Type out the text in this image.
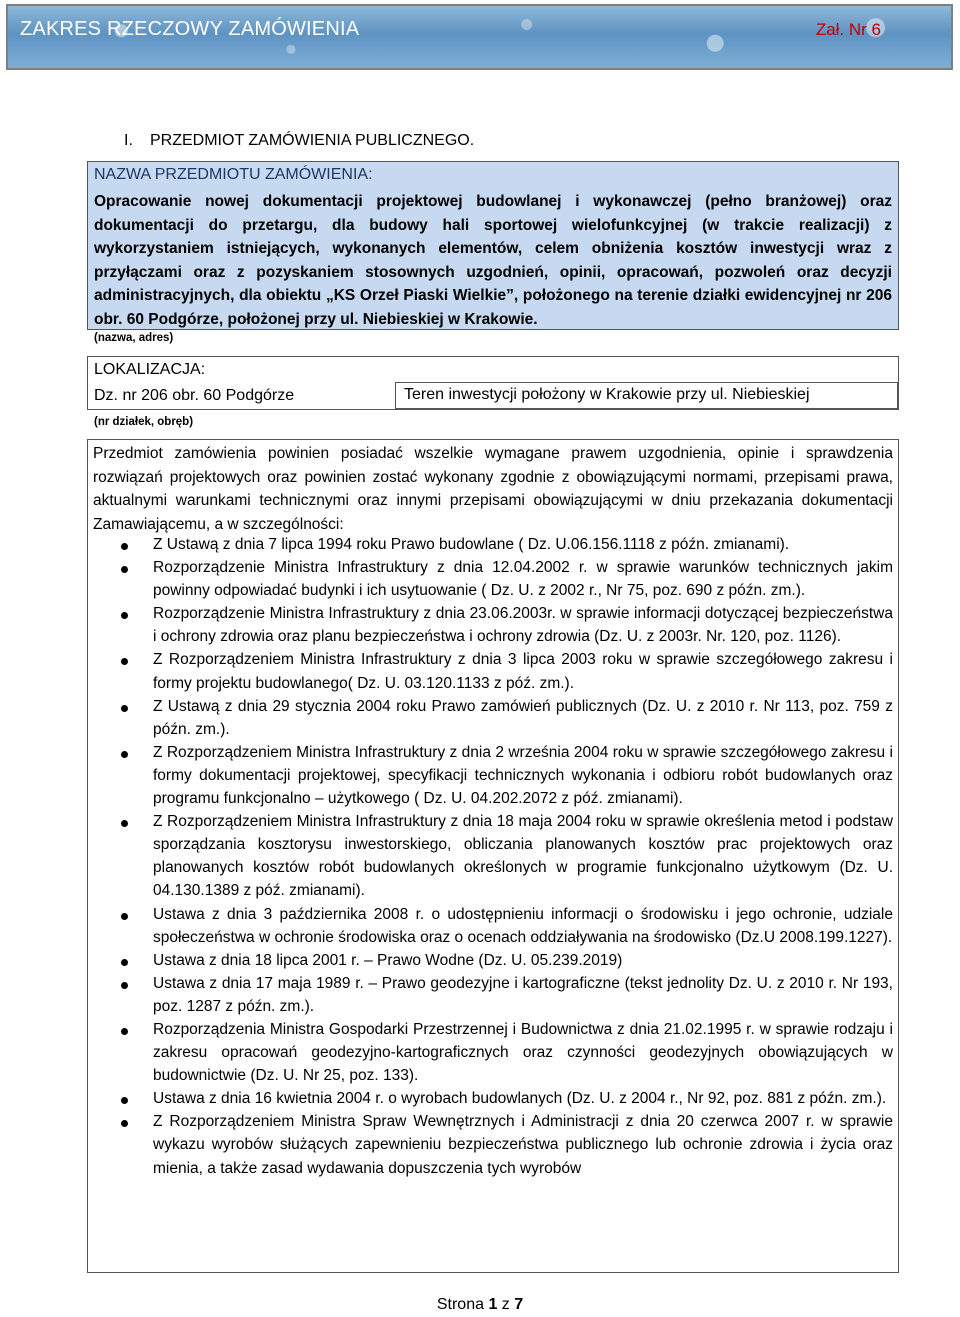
ZAKRES RZECZOWY ZAMÓWIENIA	Zał. Nr 6
I. PRZEDMIOT ZAMÓWIENIA PUBLICZNEGO.
NAZWA PRZEDMIOTU ZAMÓWIENIA:
Opracowanie nowej dokumentacji projektowej budowlanej i wykonawczej (pełno branżowej) oraz dokumentacji do przetargu, dla budowy hali sportowej wielofunkcyjnej (w trakcie realizacji) z wykorzystaniem istniejących, wykonanych elementów, celem obniżenia kosztów inwestycji wraz z przyłączami oraz z pozyskaniem stosownych uzgodnień, opinii, opracowań, pozwoleń oraz decyzji administracyjnych, dla obiektu „KS Orzeł Piaski Wielkie”, położonego na terenie działki ewidencyjnej nr 206 obr. 60 Podgórze, położonej przy ul. Niebieskiej w Krakowie.
(nazwa, adres)
LOKALIZACJA:
Dz. nr 206 obr. 60 Podgórze	Teren inwestycji położony w Krakowie przy ul. Niebieskiej
(nr działek, obręb)
Przedmiot zamówienia powinien posiadać wszelkie wymagane prawem uzgodnienia, opinie i sprawdzenia rozwiązań projektowych oraz powinien zostać wykonany zgodnie z obowiązującymi normami, przepisami prawa, aktualnymi warunkami technicznymi oraz innymi przepisami obowiązującymi w dniu przekazania dokumentacji Zamawiającemu, a w szczególności:
Z Ustawą z dnia 7 lipca 1994 roku Prawo budowlane ( Dz. U.06.156.1118 z późn. zmianami).
Rozporządzenie Ministra Infrastruktury z dnia 12.04.2002 r. w sprawie warunków technicznych jakim powinny odpowiadać budynki i ich usytuowanie ( Dz. U. z 2002 r., Nr 75, poz. 690 z późn. zm.).
Rozporządzenie Ministra Infrastruktury z dnia 23.06.2003r. w sprawie informacji dotyczącej bezpieczeństwa i ochrony zdrowia oraz planu bezpieczeństwa i ochrony zdrowia (Dz. U. z 2003r. Nr. 120, poz. 1126).
Z Rozporządzeniem Ministra Infrastruktury z dnia 3 lipca 2003 roku w sprawie szczegółowego zakresu i formy projektu budowlanego( Dz. U. 03.120.1133 z póź. zm.).
Z Ustawą z dnia 29 stycznia 2004 roku Prawo zamówień publicznych (Dz. U. z 2010 r. Nr 113, poz. 759 z późn. zm.).
Z Rozporządzeniem Ministra Infrastruktury z dnia 2 września 2004 roku w sprawie szczegółowego zakresu i formy dokumentacji projektowej, specyfikacji technicznych wykonania i odbioru robót budowlanych oraz programu funkcjonalno – użytkowego ( Dz. U. 04.202.2072 z póź. zmianami).
Z Rozporządzeniem Ministra Infrastruktury z dnia 18 maja 2004 roku w sprawie określenia metod i podstaw sporządzania kosztorysu inwestorskiego, obliczania planowanych kosztów prac projektowych oraz planowanych kosztów robót budowlanych określonych w programie funkcjonalno użytkowym (Dz. U. 04.130.1389 z póź. zmianami).
Ustawa z dnia 3 października 2008 r. o udostępnieniu informacji o środowisku i jego ochronie, udziale społeczeństwa w ochronie środowiska oraz o ocenach oddziaływania na środowisko (Dz.U 2008.199.1227).
Ustawa z dnia 18 lipca 2001 r. – Prawo Wodne (Dz. U. 05.239.2019)
Ustawa z dnia 17 maja 1989 r. – Prawo geodezyjne i kartograficzne (tekst jednolity Dz. U. z 2010 r. Nr 193, poz. 1287 z późn. zm.).
Rozporządzenia Ministra Gospodarki Przestrzennej i Budownictwa z dnia 21.02.1995 r. w sprawie rodzaju i zakresu opracowań geodezyjno-kartograficznych oraz czynności geodezyjnych obowiązujących w budownictwie (Dz. U. Nr 25, poz. 133).
Ustawa z dnia 16 kwietnia 2004 r. o wyrobach budowlanych (Dz. U. z 2004 r., Nr 92, poz. 881 z późn. zm.).
Z Rozporządzeniem Ministra Spraw Wewnętrznych i Administracji z dnia 20 czerwca 2007 r. w sprawie wykazu wyrobów służących zapewnieniu bezpieczeństwa publicznego lub ochronie zdrowia i życia oraz mienia, a także zasad wydawania dopuszczenia tych wyrobów
Strona 1 z 7
